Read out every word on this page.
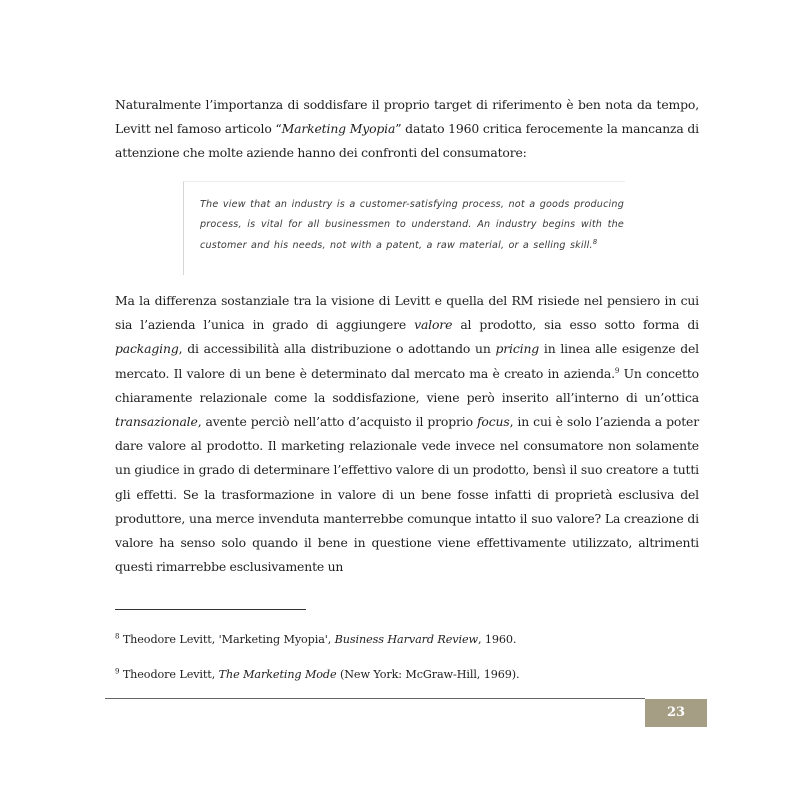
Naturalmente l’importanza di soddisfare il proprio target di riferimento è ben nota da tempo, Levitt nel famoso articolo “Marketing Myopia” datato 1960 critica ferocemente la mancanza di attenzione che molte aziende hanno dei confronti del consumatore:

The view that an industry is a customer-satisfying process, not a goods producing process, is vital for all businessmen to understand. An industry begins with the customer and his needs, not with a patent, a raw material, or a selling skill.$^8$

Ma la differenza sostanziale tra la visione di Levitt e quella del RM risiede nel pensiero in cui sia l’azienda l’unica in grado di aggiungere valore al prodotto, sia esso sotto forma di packaging, di accessibilità alla distribuzione o adottando un pricing in linea alle esigenze del mercato. Il valore di un bene è determinato dal mercato ma è creato in azienda.$^9$ Un concetto chiaramente relazionale come la soddisfazione, viene però inserito all’interno di un’ottica transazionale, avente perciò nell’atto d’acquisto il proprio focus, in cui è solo l’azienda a poter dare valore al prodotto. Il marketing relazionale vede invece nel consumatore non solamente un giudice in grado di determinare l’effettivo valore di un prodotto, bensì il suo creatore a tutti gli effetti. Se la trasformazione in valore di un bene fosse infatti di proprietà esclusiva del produttore, una merce invenduta manterrebbe comunque intatto il suo valore? La creazione di valore ha senso solo quando il bene in questione viene effettivamente utilizzato, altrimenti questi rimarrebbe esclusivamente un

$^8$ Theodore Levitt, 'Marketing Myopia', Business Harvard Review, 1960.
$^9$ Theodore Levitt, The Marketing Mode (New York: McGraw-Hill, 1969).
23
